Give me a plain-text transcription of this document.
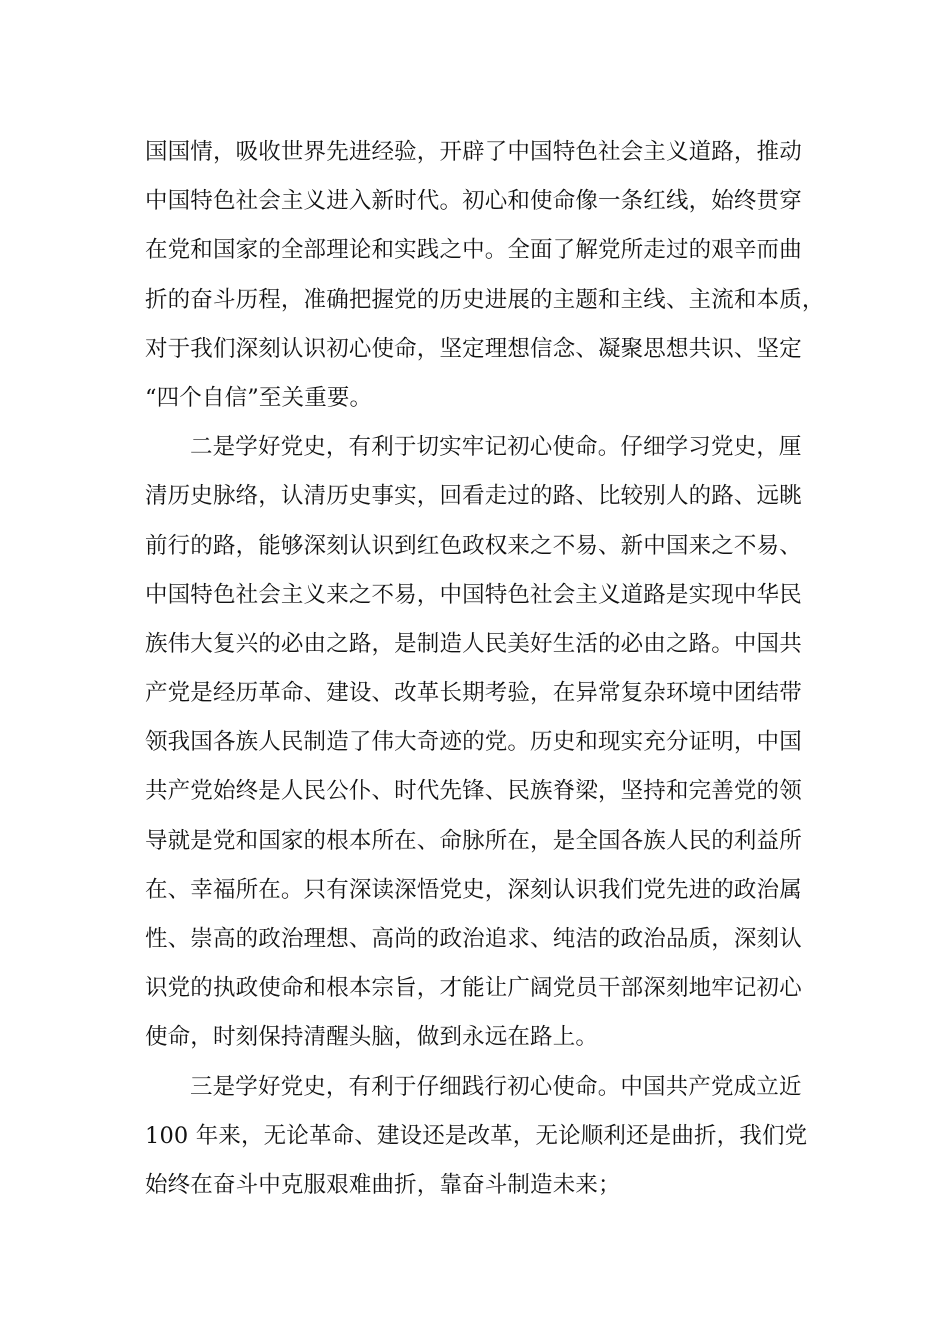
国国情，吸收世界先进经验，开辟了中国特色社会主义道路，推动
中国特色社会主义进入新时代。初心和使命像一条红线，始终贯穿
在党和国家的全部理论和实践之中。全面了解党所走过的艰辛而曲
折的奋斗历程，准确把握党的历史进展的主题和主线、主流和本质，
对于我们深刻认识初心使命，坚定理想信念、凝聚思想共识、坚定
“四个自信”至关重要。
二是学好党史，有利于切实牢记初心使命。仔细学习党史，厘
清历史脉络，认清历史事实，回看走过的路、比较别人的路、远眺
前行的路，能够深刻认识到红色政权来之不易、新中国来之不易、
中国特色社会主义来之不易，中国特色社会主义道路是实现中华民
族伟大复兴的必由之路，是制造人民美好生活的必由之路。中国共
产党是经历革命、建设、改革长期考验，在异常复杂环境中团结带
领我国各族人民制造了伟大奇迹的党。历史和现实充分证明，中国
共产党始终是人民公仆、时代先锋、民族脊梁，坚持和完善党的领
导就是党和国家的根本所在、命脉所在，是全国各族人民的利益所
在、幸福所在。只有深读深悟党史，深刻认识我们党先进的政治属
性、崇高的政治理想、高尚的政治追求、纯洁的政治品质，深刻认
识党的执政使命和根本宗旨，才能让广阔党员干部深刻地牢记初心
使命，时刻保持清醒头脑，做到永远在路上。
三是学好党史，有利于仔细践行初心使命。中国共产党成立近
100 年来，无论革命、建设还是改革，无论顺利还是曲折，我们党
始终在奋斗中克服艰难曲折，靠奋斗制造未来；
